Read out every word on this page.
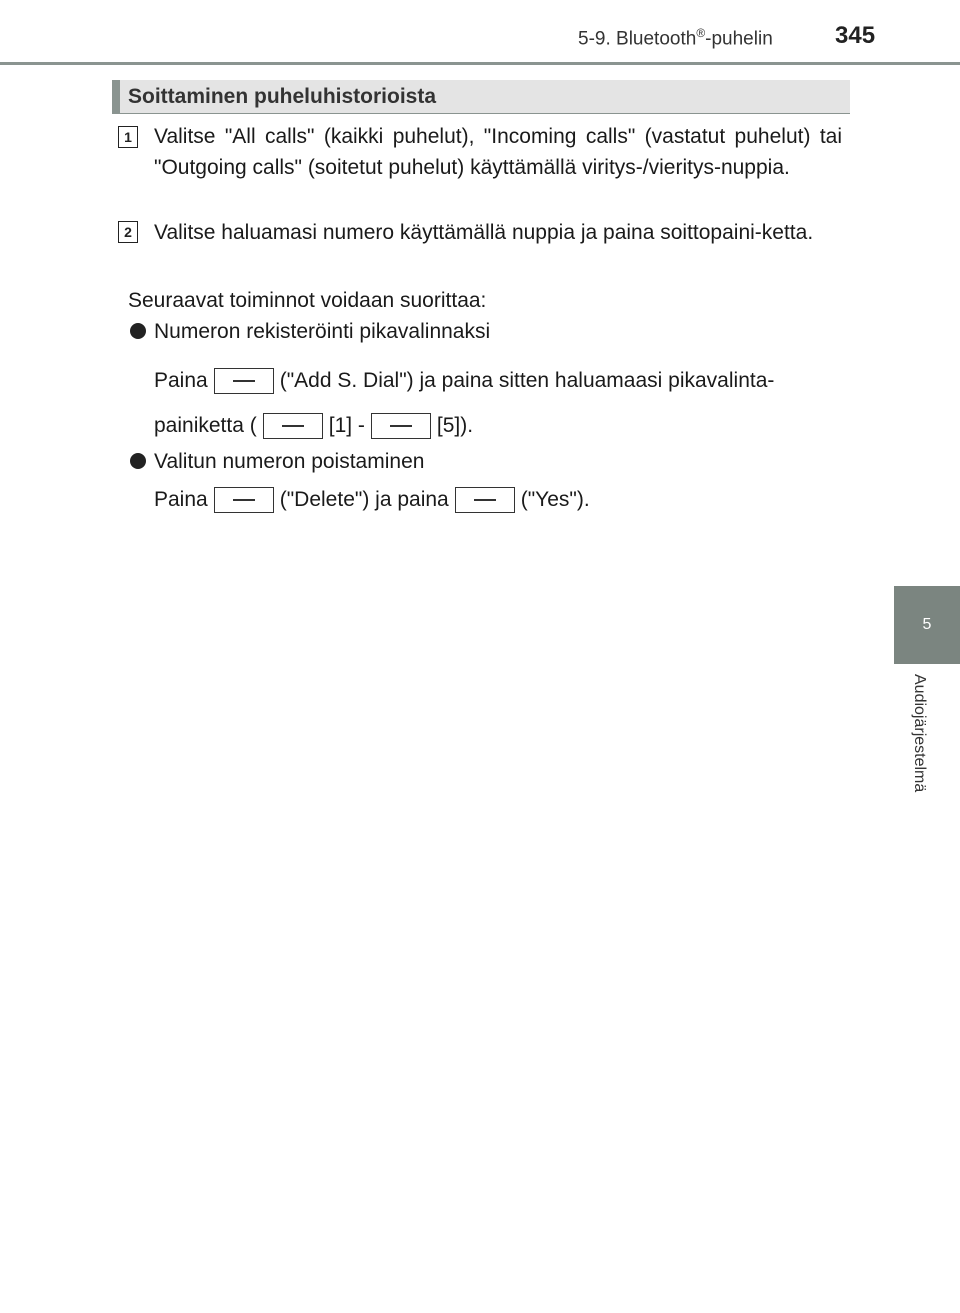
5-9. Bluetooth®-puhelin	345
5
Audiojärjestelmä
Soittaminen puheluhistorioista
1 Valitse "All calls" (kaikki puhelut), "Incoming calls" (vastatut puhelut) tai "Outgoing calls" (soitetut puhelut) käyttämällä viritys-/vieritys-nuppia.
2 Valitse haluamasi numero käyttämällä nuppia ja paina soittopaini-ketta.
Seuraavat toiminnot voidaan suorittaa:
Numeron rekisteröinti pikavalinnaksi
Paina	("Add S. Dial") ja paina sitten haluamaasi pikavalinta-
painiketta (	[1] -	[5]).
Valitun numeron poistaminen
Paina	("Delete") ja paina	("Yes").
